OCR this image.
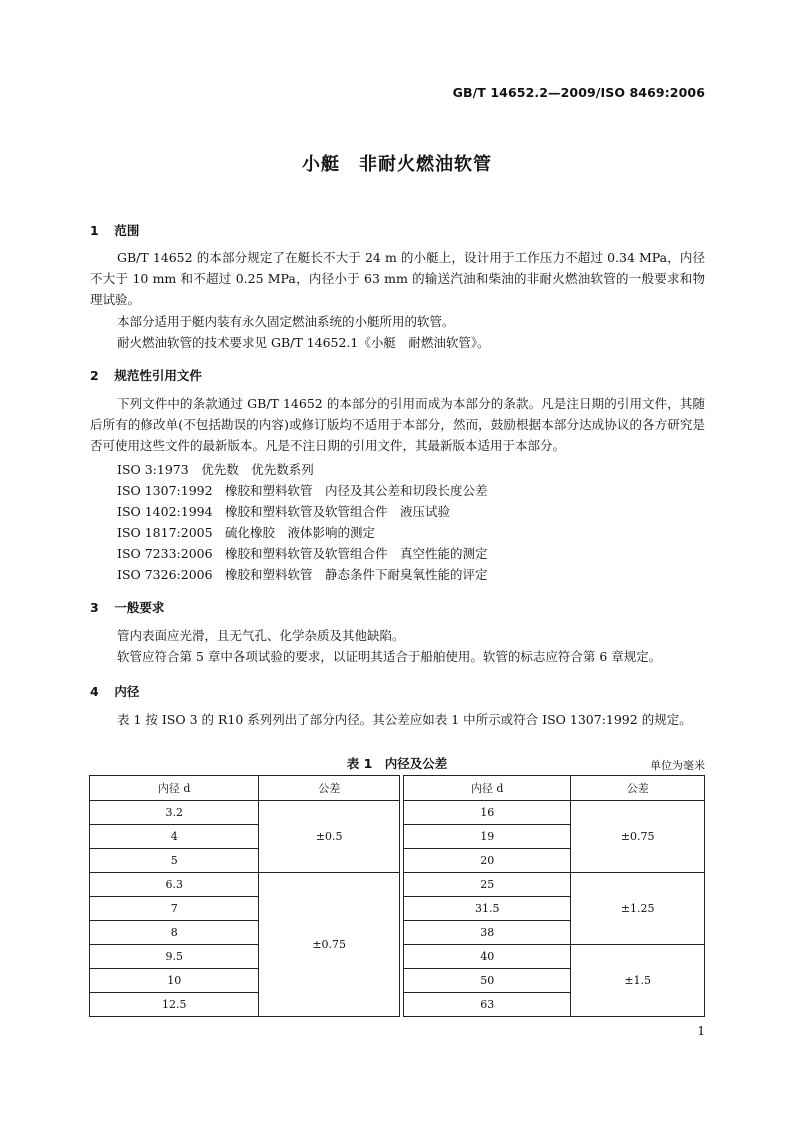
GB/T 14652.2—2009/ISO 8469:2006
小艇　非耐火燃油软管
1 范围
GB/T 14652 的本部分规定了在艇长不大于 24 m 的小艇上，设计用于工作压力不超过 0.34 MPa，内径不大于 10 mm 和不超过 0.25 MPa，内径小于 63 mm 的输送汽油和柴油的非耐火燃油软管的一般要求和物理试验。
本部分适用于艇内装有永久固定燃油系统的小艇所用的软管。
耐火燃油软管的技术要求见 GB/T 14652.1《小艇　耐燃油软管》。
2 规范性引用文件
下列文件中的条款通过 GB/T 14652 的本部分的引用而成为本部分的条款。凡是注日期的引用文件，其随后所有的修改单(不包括勘误的内容)或修订版均不适用于本部分，然而，鼓励根据本部分达成协议的各方研究是否可使用这些文件的最新版本。凡是不注日期的引用文件，其最新版本适用于本部分。
ISO 3:1973　优先数　优先数系列
ISO 1307:1992　橡胶和塑料软管　内径及其公差和切段长度公差
ISO 1402:1994　橡胶和塑料软管及软管组合件　液压试验
ISO 1817:2005　硫化橡胶　液体影响的测定
ISO 7233:2006　橡胶和塑料软管及软管组合件　真空性能的测定
ISO 7326:2006　橡胶和塑料软管　静态条件下耐臭氧性能的评定
3 一般要求
管内表面应光滑，且无气孔、化学杂质及其他缺陷。
软管应符合第 5 章中各项试验的要求，以证明其适合于船舶使用。软管的标志应符合第 6 章规定。
4 内径
表 1 按 ISO 3 的 R10 系列列出了部分内径。其公差应如表 1 中所示或符合 ISO 1307:1992 的规定。
表 1　内径及公差	单位为毫米
内径 d	公差
3.2	±0.5
4	
5	
6.3	±0.75
7	
8	
9.5	
10	
12.5	
内径 d	公差
16	±0.75
19	
20	
25	±1.25
31.5	
38	
40	±1.5
50	
63	
1
